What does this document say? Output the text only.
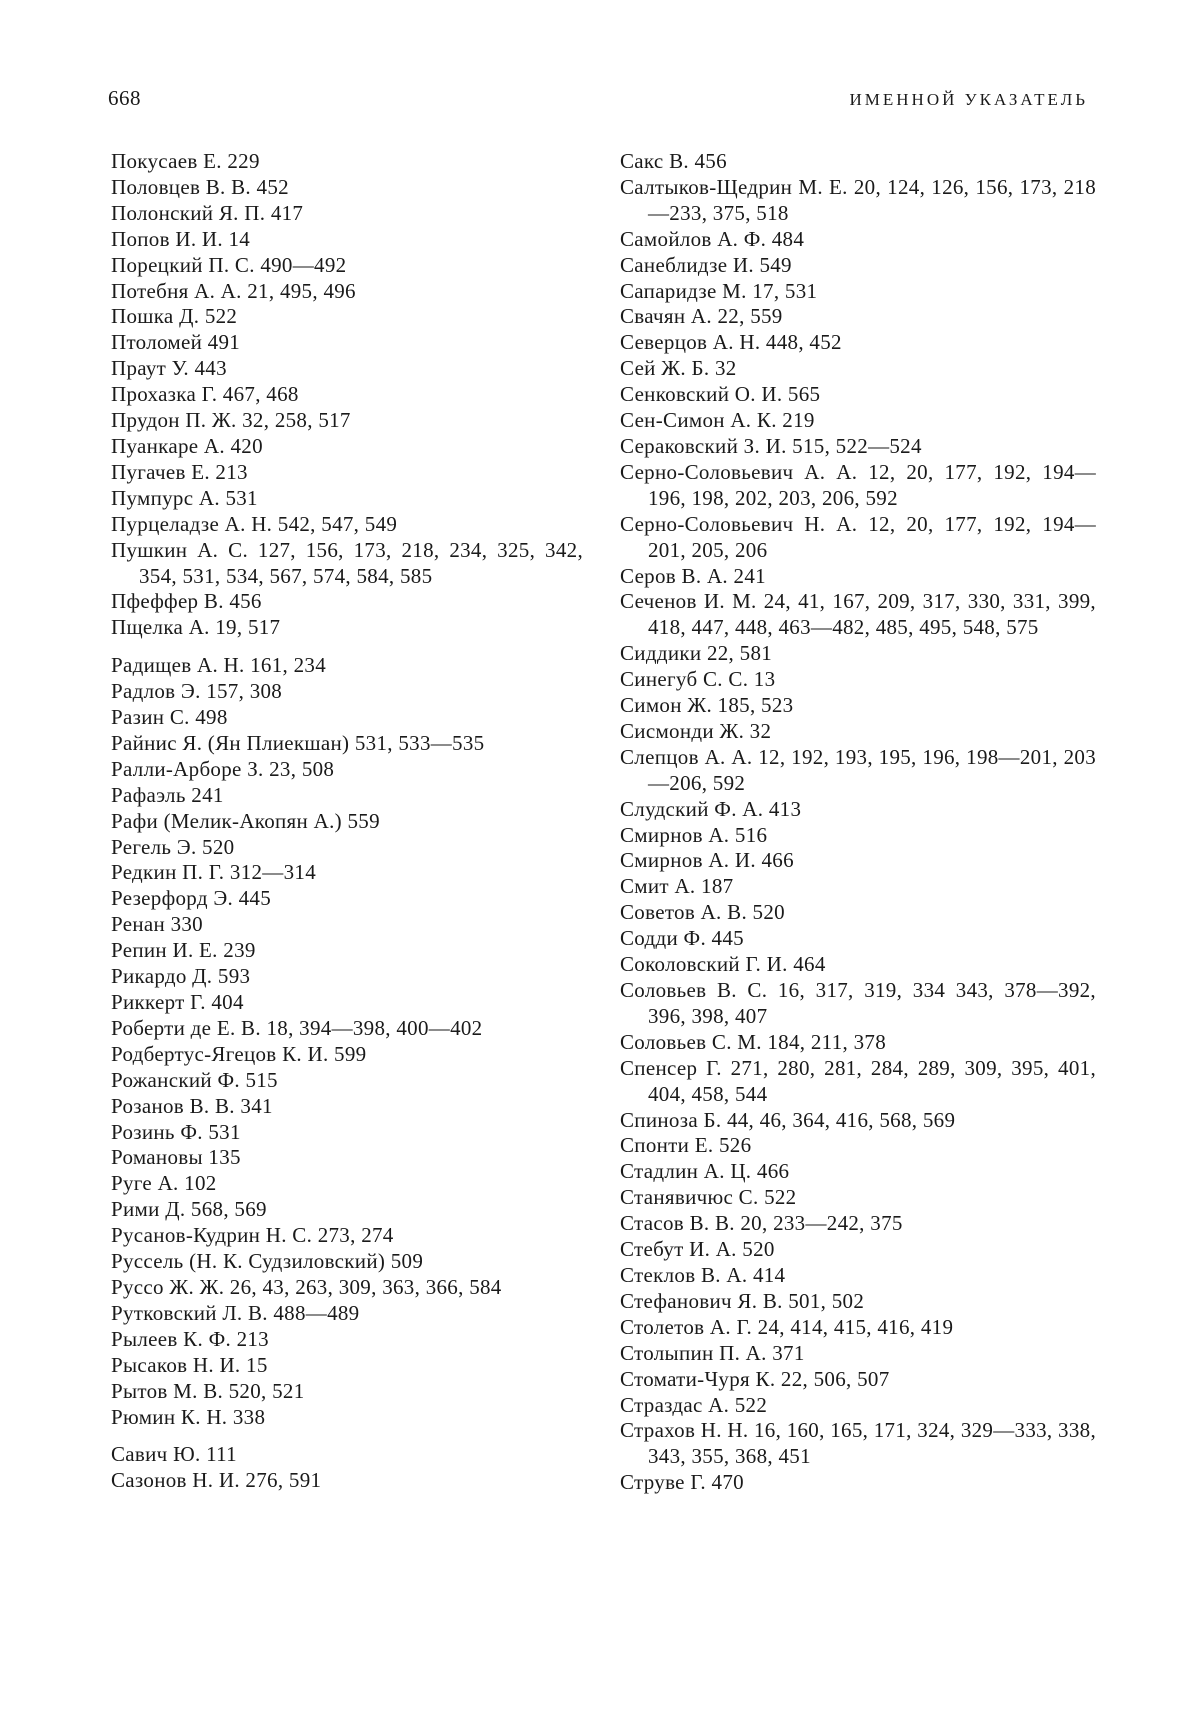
668	ИМЕННОЙ УКАЗАТЕЛЬ
Покусаев Е. 229
Половцев В. В. 452
Полонский Я. П. 417
Попов И. И. 14
Порецкий П. С. 490—492
Потебня А. А. 21, 495, 496
Пошка Д. 522
Птоломей 491
Праут У. 443
Прохазка Г. 467, 468
Прудон П. Ж. 32, 258, 517
Пуанкаре А. 420
Пугачев Е. 213
Пумпурс А. 531
Пурцеладзе А. Н. 542, 547, 549
Пушкин А. С. 127, 156, 173, 218, 234, 325, 342, 354, 531, 534, 567, 574, 584, 585
Пфеффер В. 456
Пщелка А. 19, 517
Радищев А. Н. 161, 234
Радлов Э. 157, 308
Разин С. 498
Райнис Я. (Ян Плиекшан) 531, 533—535
Ралли-Арборе З. 23, 508
Рафаэль 241
Рафи (Мелик-Акопян А.) 559
Регель Э. 520
Редкин П. Г. 312—314
Резерфорд Э. 445
Ренан 330
Репин И. Е. 239
Рикардо Д. 593
Риккерт Г. 404
Роберти де Е. В. 18, 394—398, 400—402
Родбертус-Ягецов К. И. 599
Рожанский Ф. 515
Розанов В. В. 341
Розинь Ф. 531
Романовы 135
Руге А. 102
Рими Д. 568, 569
Русанов-Кудрин Н. С. 273, 274
Руссель (Н. К. Судзиловский) 509
Руссо Ж. Ж. 26, 43, 263, 309, 363, 366, 584
Рутковский Л. В. 488—489
Рылеев К. Ф. 213
Рысаков Н. И. 15
Рытов М. В. 520, 521
Рюмин К. Н. 338
Савич Ю. 111
Сазонов Н. И. 276, 591
Сакс В. 456
Салтыков-Щедрин М. Е. 20, 124, 126, 156, 173, 218—233, 375, 518
Самойлов А. Ф. 484
Санеблидзе И. 549
Сапаридзе М. 17, 531
Свачян А. 22, 559
Северцов А. Н. 448, 452
Сей Ж. Б. 32
Сенковский О. И. 565
Сен-Симон А. К. 219
Сераковский З. И. 515, 522—524
Серно-Соловьевич А. А. 12, 20, 177, 192, 194—196, 198, 202, 203, 206, 592
Серно-Соловьевич Н. А. 12, 20, 177, 192, 194—201, 205, 206
Серов В. А. 241
Сеченов И. М. 24, 41, 167, 209, 317, 330, 331, 399, 418, 447, 448, 463—482, 485, 495, 548, 575
Сиддики 22, 581
Синегуб С. С. 13
Симон Ж. 185, 523
Сисмонди Ж. 32
Слепцов А. А. 12, 192, 193, 195, 196, 198—201, 203—206, 592
Слудский Ф. А. 413
Смирнов А. 516
Смирнов А. И. 466
Смит А. 187
Советов А. В. 520
Содди Ф. 445
Соколовский Г. И. 464
Соловьев В. С. 16, 317, 319, 334 343, 378—392, 396, 398, 407
Соловьев С. М. 184, 211, 378
Спенсер Г. 271, 280, 281, 284, 289, 309, 395, 401, 404, 458, 544
Спиноза Б. 44, 46, 364, 416, 568, 569
Спонти Е. 526
Стадлин А. Ц. 466
Станявичюс С. 522
Стасов В. В. 20, 233—242, 375
Стебут И. А. 520
Стеклов В. А. 414
Стефанович Я. В. 501, 502
Столетов А. Г. 24, 414, 415, 416, 419
Столыпин П. А. 371
Стомати-Чуря К. 22, 506, 507
Страздас А. 522
Страхов Н. Н. 16, 160, 165, 171, 324, 329—333, 338, 343, 355, 368, 451
Струве Г. 470
